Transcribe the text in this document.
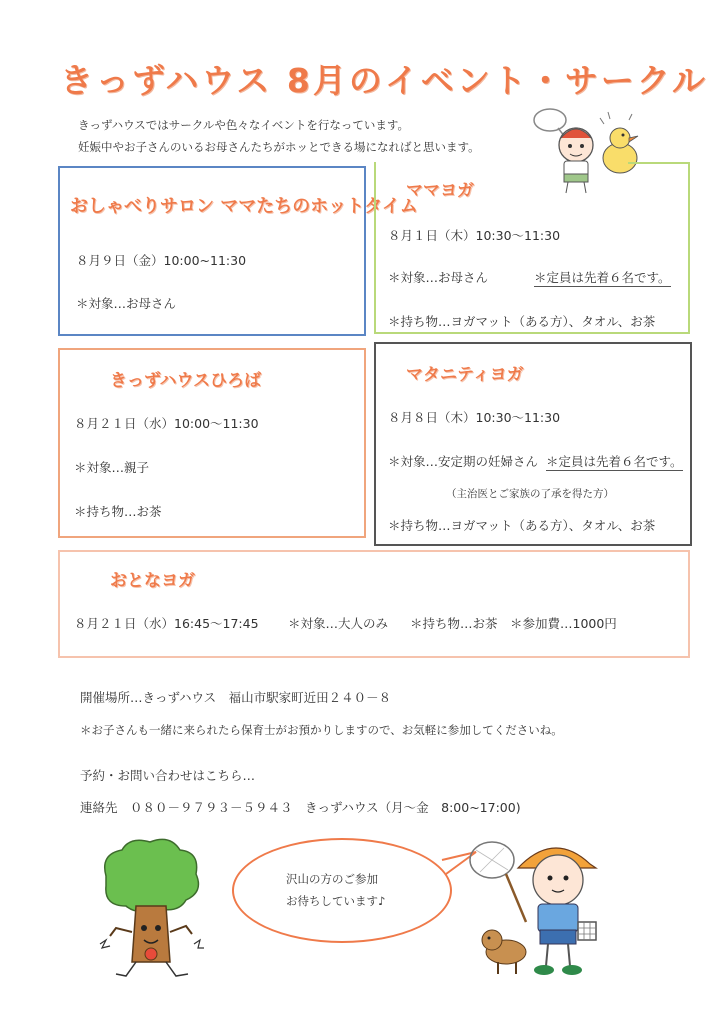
きっずハウス 8月のイベント・サークル
きっずハウスではサークルや色々なイベントを行なっています。
妊娠中やお子さんのいるお母さんたちがホッとできる場になればと思います。
おしゃべりサロン ママたちのホットタイム
８月９日（金）10:00~11:30
＊対象…お母さん
ママヨガ
８月１日（木）10:30～11:30
＊対象…お母さん	＊定員は先着６名です。
＊持ち物…ヨガマット（ある方）、タオル、お茶
きっずハウスひろば
８月２１日（水）10:00～11:30
＊対象…親子
＊持ち物…お茶
マタニティヨガ
８月８日（木）10:30～11:30
＊対象…安定期の妊婦さん ＊定員は先着６名です。
（主治医とご家族の了承を得た方）
＊持ち物…ヨガマット（ある方）、タオル、お茶
おとなヨガ
８月２１日（水）16:45～17:45 ＊対象…大人のみ ＊持ち物…お茶 ＊参加費…1000円
開催場所…きっずハウス　福山市駅家町近田２４０－８
＊お子さんも一緒に来られたら保育士がお預かりしますので、お気軽に参加してくださいね。
予約・お問い合わせはこちら…
連絡先　０８０－９７９３－５９４３　きっずハウス（月～金　8:00~17:00)
沢山の方のご参加
お待ちしています♪
